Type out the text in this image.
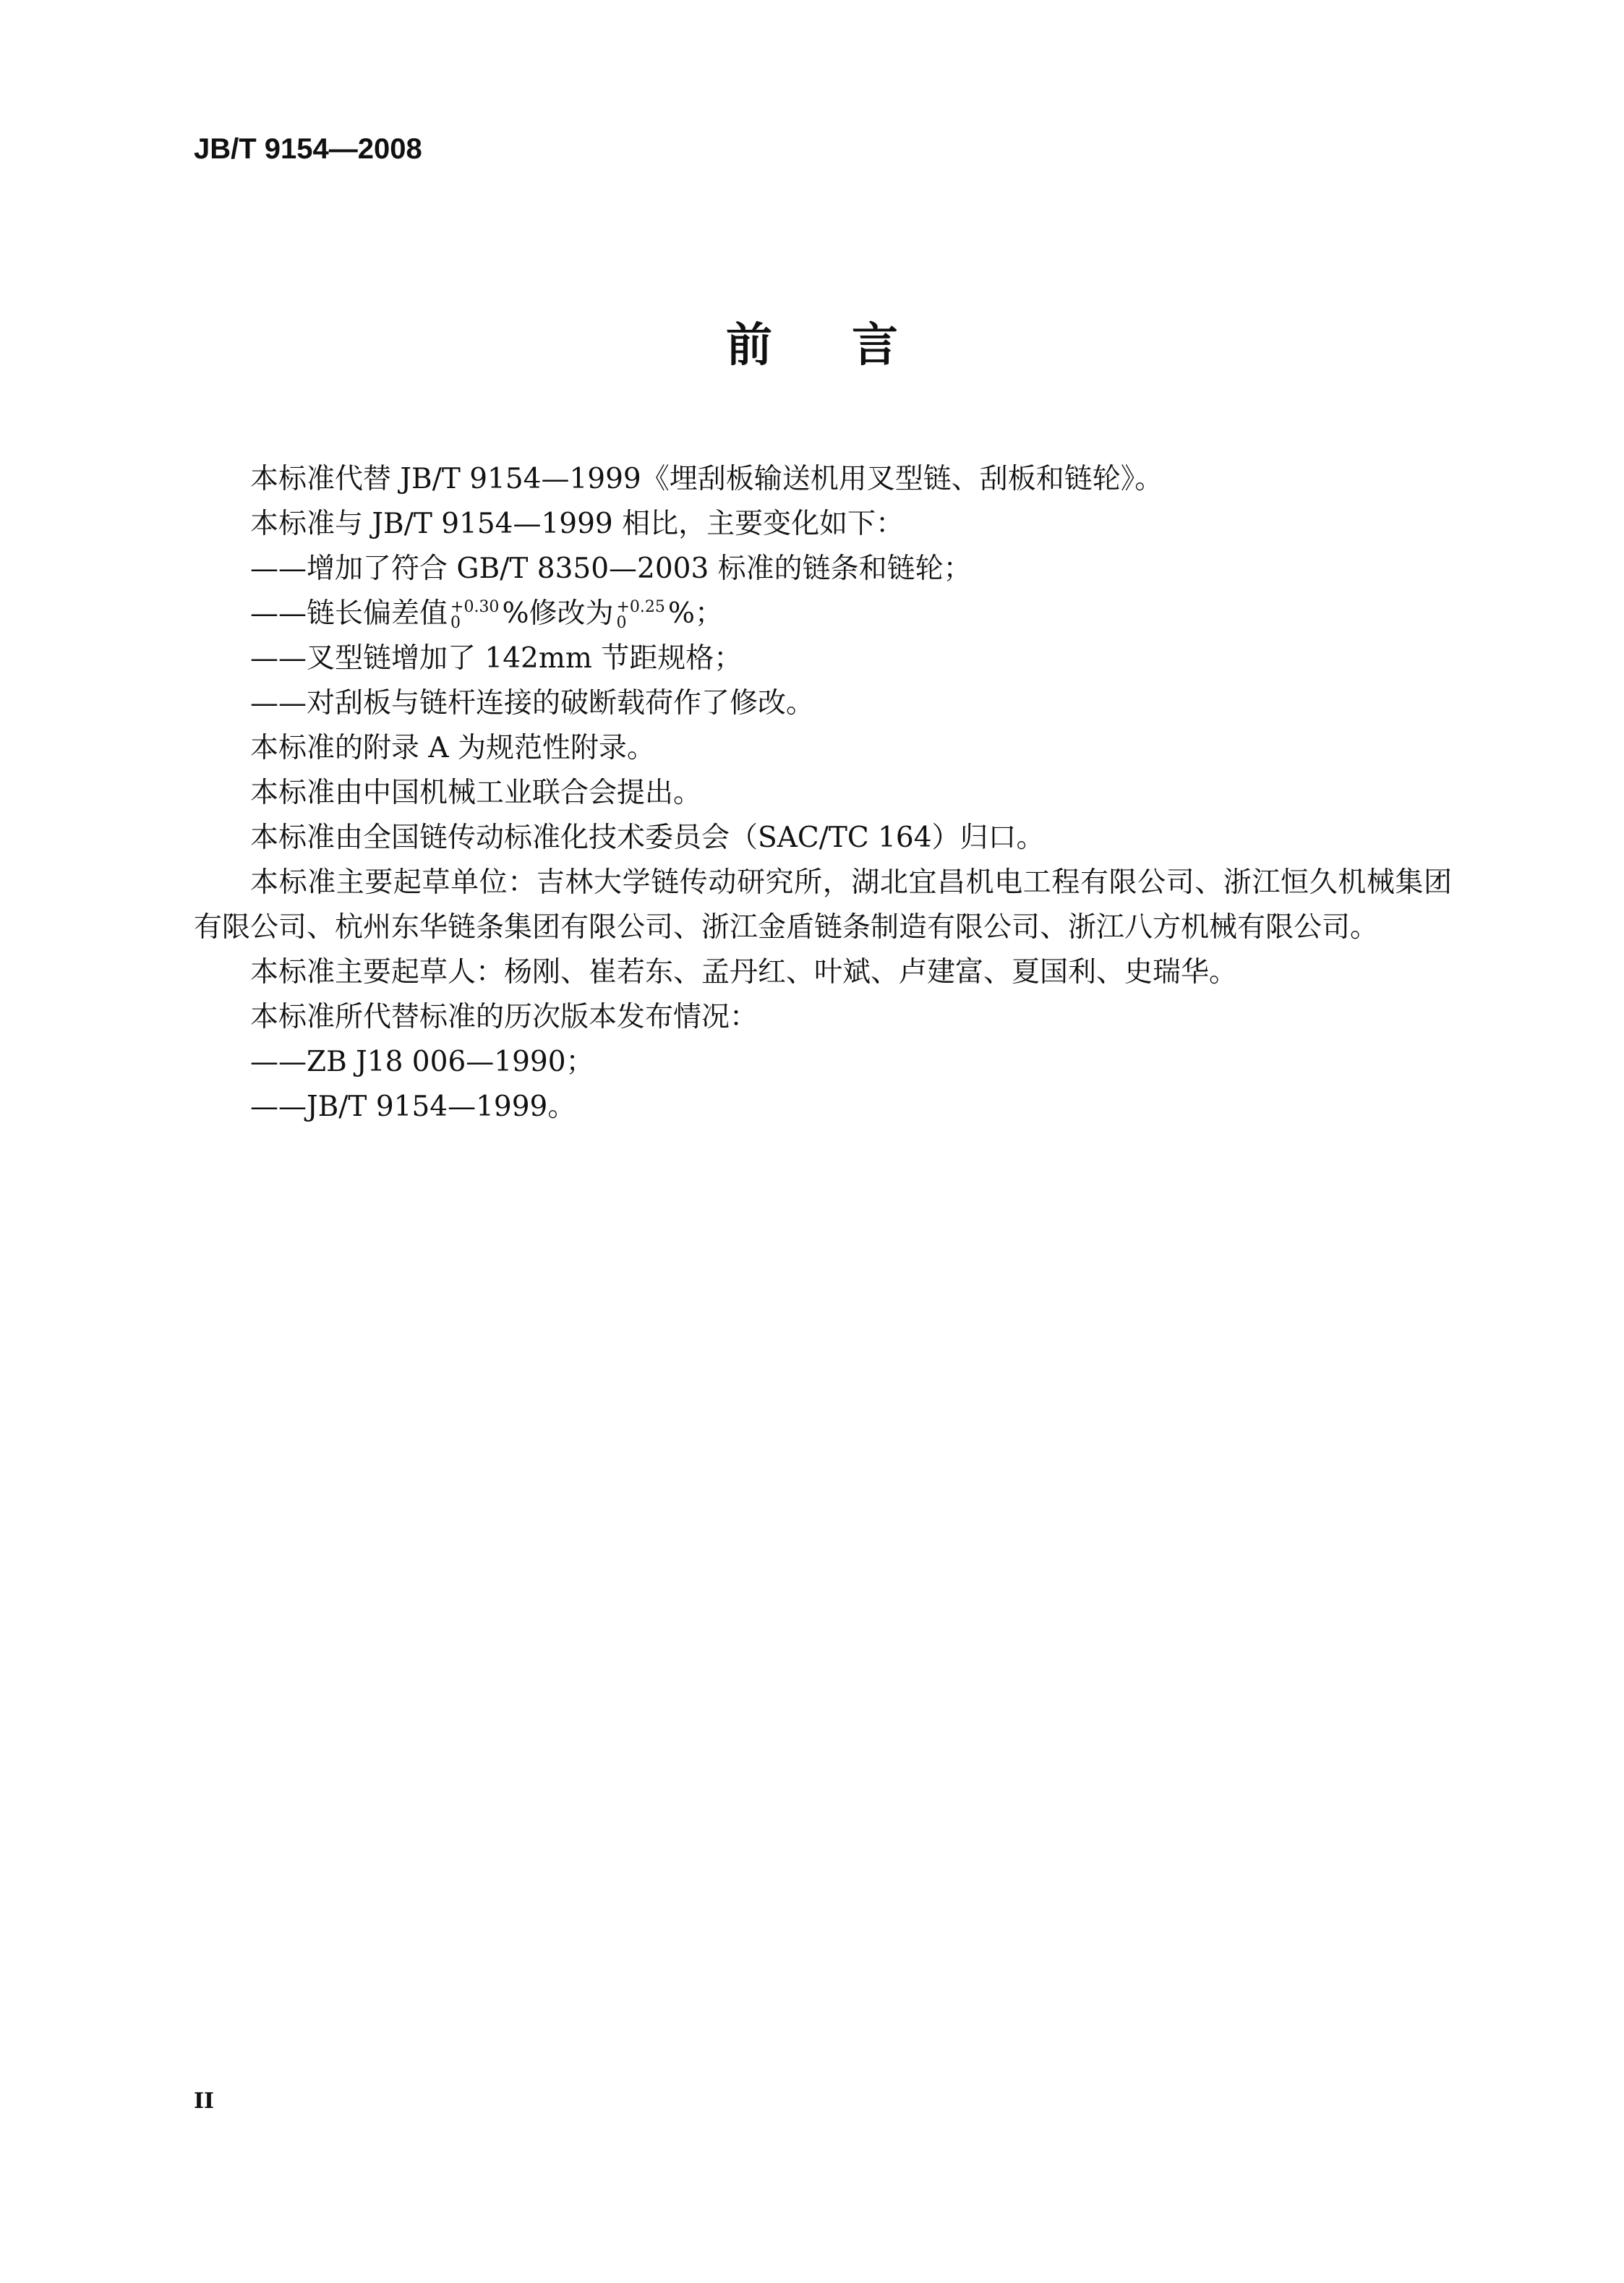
JB/T 9154—2008
前言

本标准代替 JB/T 9154—1999《埋刮板输送机用叉型链、刮板和链轮》。

本标准与 JB/T 9154—1999 相比，主要变化如下：

——增加了符合 GB/T 8350—2003 标准的链条和链轮；

——链长偏差值 +0.30
0	%修改为 +0.25
0	%；

——叉型链增加了 142mm 节距规格；

——对刮板与链杆连接的破断载荷作了修改。

本标准的附录 A 为规范性附录。

本标准由中国机械工业联合会提出。

本标准由全国链传动标准化技术委员会（SAC/TC 164）归口。

本标准主要起草单位：吉林大学链传动研究所，湖北宜昌机电工程有限公司、浙江恒久机械集团有限公司、杭州东华链条集团有限公司、浙江金盾链条制造有限公司、浙江八方机械有限公司。

本标准主要起草人：杨刚、崔若东、孟丹红、叶斌、卢建富、夏国利、史瑞华。

本标准所代替标准的历次版本发布情况：

——ZB J18 006—1990；

——JB/T 9154—1999。

II
